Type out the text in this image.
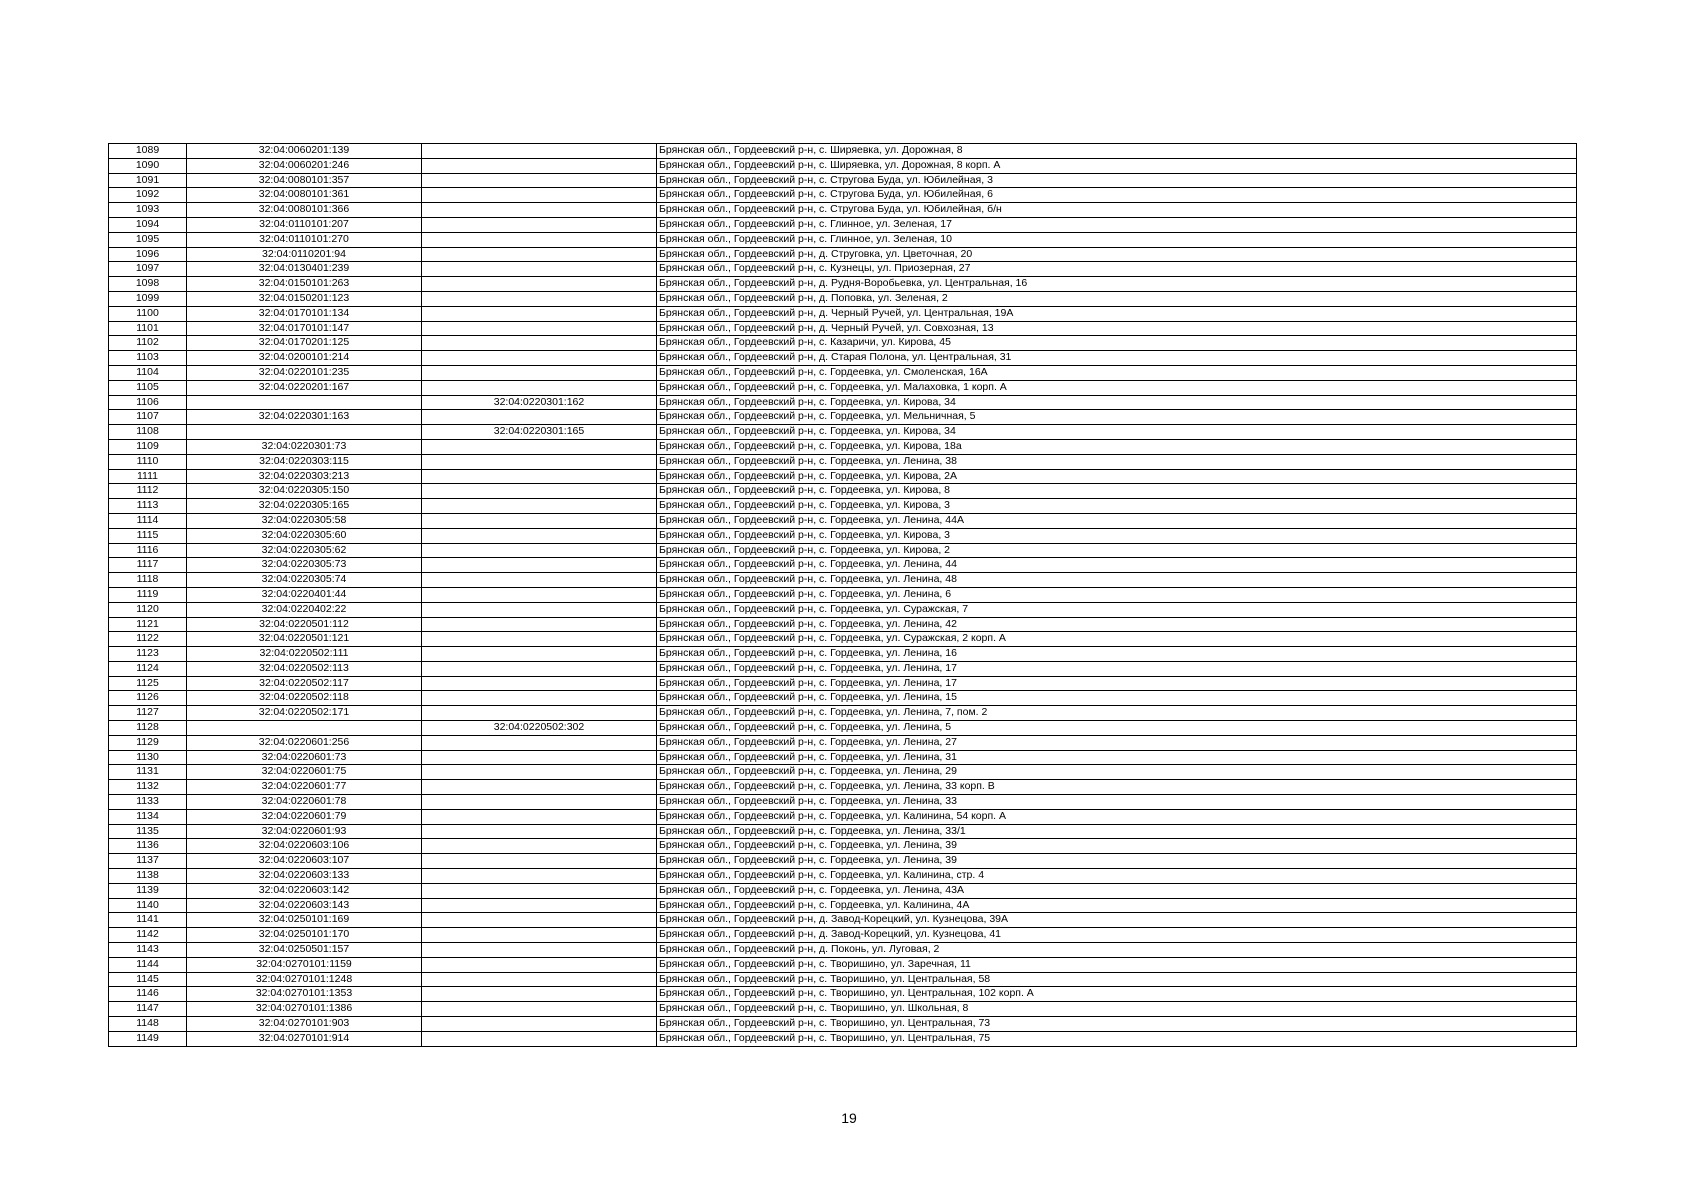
1089	32:04:0060201:139		Брянская обл., Гордеевский р-н, с. Ширяевка, ул. Дорожная, 8
1090	32:04:0060201:246		Брянская обл., Гордеевский р-н, с. Ширяевка, ул. Дорожная, 8 корп. А
1091	32:04:0080101:357		Брянская обл., Гордеевский р-н, с. Струговa Буда, ул. Юбилейная, 3
1092	32:04:0080101:361		Брянская обл., Гордеевский р-н, с. Струговa Буда, ул. Юбилейная, 6
1093	32:04:0080101:366		Брянская обл., Гордеевский р-н, с. Струговa Буда, ул. Юбилейная, б/н
1094	32:04:0110101:207		Брянская обл., Гордеевский р-н, с. Глинное, ул. Зеленая, 17
1095	32:04:0110101:270		Брянская обл., Гордеевский р-н, с. Глинное, ул. Зеленая, 10
1096	32:04:0110201:94		Брянская обл., Гордеевский р-н, д. Струговка, ул. Цветочная, 20
1097	32:04:0130401:239		Брянская обл., Гордеевский р-н, с. Кузнецы, ул. Приозерная, 27
1098	32:04:0150101:263		Брянская обл., Гордеевский р-н, д. Рудня-Воробьевка, ул. Центральная, 16
1099	32:04:0150201:123		Брянская обл., Гордеевский р-н, д. Поповка, ул. Зеленая, 2
1100	32:04:0170101:134		Брянская обл., Гордеевский р-н, д. Черный Ручей, ул. Центральная, 19А
1101	32:04:0170101:147		Брянская обл., Гордеевский р-н, д. Черный Ручей, ул. Совхозная, 13
1102	32:04:0170201:125		Брянская обл., Гордеевский р-н, с. Казаричи, ул. Кирова, 45
1103	32:04:0200101:214		Брянская обл., Гордеевский р-н, д. Старая Полона, ул. Центральная, 31
1104	32:04:0220101:235		Брянская обл., Гордеевский р-н, с. Гордеевка, ул. Смоленская, 16А
1105	32:04:0220201:167		Брянская обл., Гордеевский р-н, с. Гордеевка, ул. Малаховка, 1 корп. А
1106		32:04:0220301:162	Брянская обл., Гордеевский р-н, с. Гордеевка, ул. Кирова, 34
1107	32:04:0220301:163		Брянская обл., Гордеевский р-н, с. Гордеевка, ул. Мельничная, 5
1108		32:04:0220301:165	Брянская обл., Гордеевский р-н, с. Гордеевка, ул. Кирова, 34
1109	32:04:0220301:73		Брянская обл., Гордеевский р-н, с. Гордеевка, ул. Кирова, 18а
1110	32:04:0220303:115		Брянская обл., Гордеевский р-н, с. Гордеевка, ул. Ленина, 38
1111	32:04:0220303:213		Брянская обл., Гордеевский р-н, с. Гордеевка, ул. Кирова, 2А
1112	32:04:0220305:150		Брянская обл., Гордеевский р-н, с. Гордеевка, ул. Кирова, 8
1113	32:04:0220305:165		Брянская обл., Гордеевский р-н, с. Гордеевка, ул. Кирова, 3
1114	32:04:0220305:58		Брянская обл., Гордеевский р-н, с. Гордеевка, ул. Ленина, 44А
1115	32:04:0220305:60		Брянская обл., Гордеевский р-н, с. Гордеевка, ул. Кирова, 3
1116	32:04:0220305:62		Брянская обл., Гордеевский р-н, с. Гордеевка, ул. Кирова, 2
1117	32:04:0220305:73		Брянская обл., Гордеевский р-н, с. Гордеевка, ул. Ленина, 44
1118	32:04:0220305:74		Брянская обл., Гордеевский р-н, с. Гордеевка, ул. Ленина, 48
1119	32:04:0220401:44		Брянская обл., Гордеевский р-н, с. Гордеевка, ул. Ленина, 6
1120	32:04:0220402:22		Брянская обл., Гордеевский р-н, с. Гордеевка, ул. Суражская, 7
1121	32:04:0220501:112		Брянская обл., Гордеевский р-н, с. Гордеевка, ул. Ленина, 42
1122	32:04:0220501:121		Брянская обл., Гордеевский р-н, с. Гордеевка, ул. Суражская, 2 корп. А
1123	32:04:0220502:111		Брянская обл., Гордеевский р-н, с. Гордеевка, ул. Ленина, 16
1124	32:04:0220502:113		Брянская обл., Гордеевский р-н, с. Гордеевка, ул. Ленина, 17
1125	32:04:0220502:117		Брянская обл., Гордеевский р-н, с. Гордеевка, ул. Ленина, 17
1126	32:04:0220502:118		Брянская обл., Гордеевский р-н, с. Гордеевка, ул. Ленина, 15
1127	32:04:0220502:171		Брянская обл., Гордеевский р-н, с. Гордеевка, ул. Ленина, 7, пом. 2
1128		32:04:0220502:302	Брянская обл., Гордеевский р-н, с. Гордеевка, ул. Ленина, 5
1129	32:04:0220601:256		Брянская обл., Гордеевский р-н, с. Гордеевка, ул. Ленина, 27
1130	32:04:0220601:73		Брянская обл., Гордеевский р-н, с. Гордеевка, ул. Ленина, 31
1131	32:04:0220601:75		Брянская обл., Гордеевский р-н, с. Гордеевка, ул. Ленина, 29
1132	32:04:0220601:77		Брянская обл., Гордеевский р-н, с. Гордеевка, ул. Ленина, 33 корп. В
1133	32:04:0220601:78		Брянская обл., Гордеевский р-н, с. Гордеевка, ул. Ленина, 33
1134	32:04:0220601:79		Брянская обл., Гордеевский р-н, с. Гордеевка, ул. Калинина, 54 корп. А
1135	32:04:0220601:93		Брянская обл., Гордеевский р-н, с. Гордеевка, ул. Ленина, 33/1
1136	32:04:0220603:106		Брянская обл., Гордеевский р-н, с. Гордеевка, ул. Ленина, 39
1137	32:04:0220603:107		Брянская обл., Гордеевский р-н, с. Гордеевка, ул. Ленина, 39
1138	32:04:0220603:133		Брянская обл., Гордеевский р-н, с. Гордеевка, ул. Калинина, стр. 4
1139	32:04:0220603:142		Брянская обл., Гордеевский р-н, с. Гордеевка, ул. Ленина, 43А
1140	32:04:0220603:143		Брянская обл., Гордеевский р-н, с. Гордеевка, ул. Калинина, 4А
1141	32:04:0250101:169		Брянская обл., Гордеевский р-н, д. Завод-Корецкий, ул. Кузнецова, 39А
1142	32:04:0250101:170		Брянская обл., Гордеевский р-н, д. Завод-Корецкий, ул. Кузнецова, 41
1143	32:04:0250501:157		Брянская обл., Гордеевский р-н, д. Поконь, ул. Луговая, 2
1144	32:04:0270101:1159		Брянская обл., Гордеевский р-н, с. Творишино, ул. Заречная, 11
1145	32:04:0270101:1248		Брянская обл., Гордеевский р-н, с. Творишино, ул. Центральная, 58
1146	32:04:0270101:1353		Брянская обл., Гордеевский р-н, с. Творишино, ул. Центральная, 102 корп. А
1147	32:04:0270101:1386		Брянская обл., Гордеевский р-н, с. Творишино, ул. Школьная, 8
1148	32:04:0270101:903		Брянская обл., Гордеевский р-н, с. Творишино, ул. Центральная, 73
1149	32:04:0270101:914		Брянская обл., Гордеевский р-н, с. Творишино, ул. Центральная, 75
19
